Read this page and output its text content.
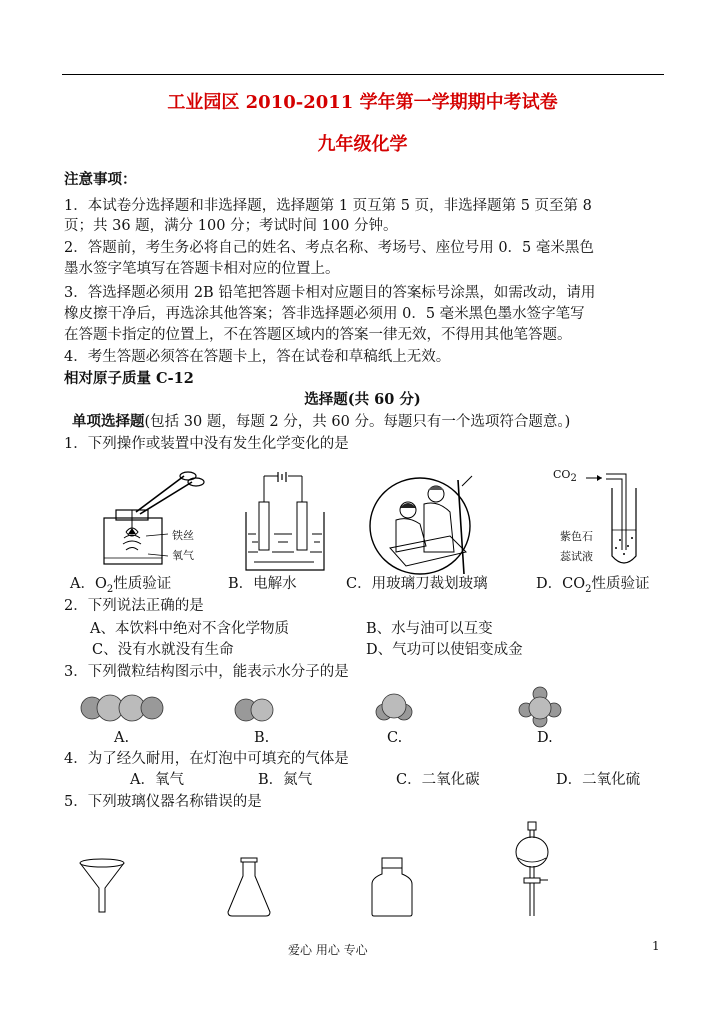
工业园区 2010-2011 学年第一学期期中考试卷
九年级化学
注意事项：
1．本试卷分选择题和非选择题，选择题第 1 页互第 5 页，非选择题第 5 页至第 8
页；共 36 题，满分 100 分；考试时间 100 分钟。
2．答题前，考生务必将自己的姓名、考点名称、考场号、座位号用 0．5 毫米黑色
墨水签字笔填写在答题卡相对应的位置上。
3．答选择题必须用 2B 铅笔把答题卡相对应题目的答案标号涂黑，如需改动，请用
橡皮擦干净后，再选涂其他答案；答非选择题必须用 0．5 毫米黑色墨水签字笔写
在答题卡指定的位置上，不在答题区域内的答案一律无效，不得用其他笔答题。
4．考生答题必须答在答题卡上，答在试卷和草稿纸上无效。
相对原子质量 C-12
选择题(共 60 分)
单项选择题(包括 30 题，每题 2 分，共 60 分。每题只有一个选项符合题意。)
1．下列操作或装置中没有发生化学变化的是
铁丝
氧气
$CO_2$
紫色石
蕊试液
A．$O_2$性质验证	B．电解水	C．用玻璃刀裁划玻璃	D．$CO_2$性质验证
2．下列说法正确的是
A、本饮料中绝对不含化学物质	B、水与油可以互变
C、没有水就没有生命	D、气功可以使铝变成金
3．下列微粒结构图示中，能表示水分子的是
A.	B.	C.	D.
4．为了经久耐用，在灯泡中可填充的气体是
A．氧气	B．氮气	C．二氧化碳	D．二氧化硫
5．下列玻璃仪器名称错误的是
爱心 用心 专心	1
